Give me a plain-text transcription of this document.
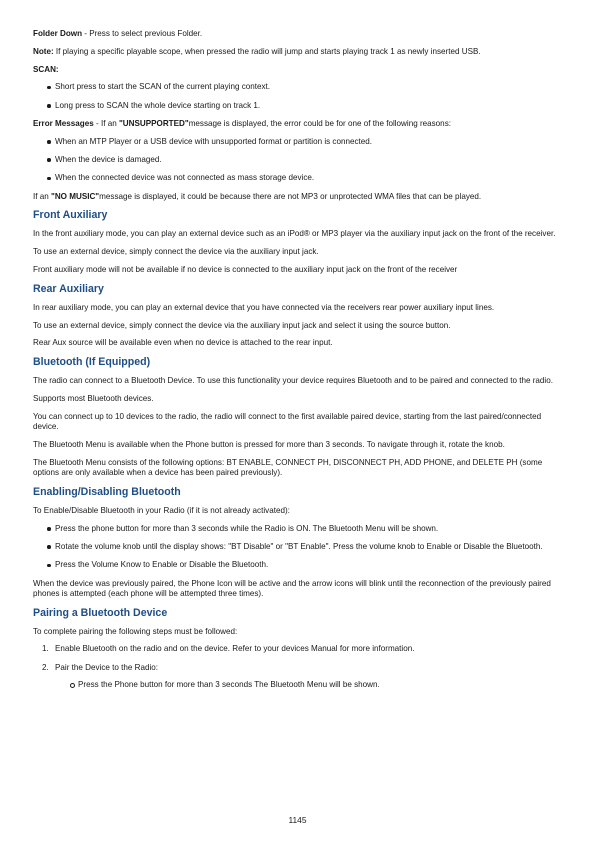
Folder Down - Press to select previous Folder.

Note: If playing a specific playable scope, when pressed the radio will jump and starts playing track 1 as newly inserted USB.

SCAN:

Short press to start the SCAN of the current playing context.
Long press to SCAN the whole device starting on track 1.

Error Messages - If an "UNSUPPORTED"message is displayed, the error could be for one of the following reasons:

When an MTP Player or a USB device with unsupported format or partition is connected.
When the device is damaged.
When the connected device was not connected as mass storage device.

If an "NO MUSIC"message is displayed, it could be because there are not MP3 or unprotected WMA files that can be played.

Front Auxiliary

In the front auxiliary mode, you can play an external device such as an iPod® or MP3 player via the auxiliary input jack on the front of the receiver.

To use an external device, simply connect the device via the auxiliary input jack.

Front auxiliary mode will not be available if no device is connected to the auxiliary input jack on the front of the receiver

Rear Auxiliary

In rear auxiliary mode, you can play an external device that you have connected via the receivers rear power auxiliary input lines.

To use an external device, simply connect the device via the auxiliary input jack and select it using the source button.

Rear Aux source will be available even when no device is attached to the rear input.

Bluetooth (If Equipped)

The radio can connect to a Bluetooth Device. To use this functionality your device requires Bluetooth and to be paired and connected to the radio.

Supports most Bluetooth devices.

You can connect up to 10 devices to the radio, the radio will connect to the first available paired device, starting from the last paired/connected device.

The Bluetooth Menu is available when the Phone button is pressed for more than 3 seconds. To navigate through it, rotate the knob.

The Bluetooth Menu consists of the following options: BT ENABLE, CONNECT PH, DISCONNECT PH, ADD PHONE, and DELETE PH (some options are only available when a device has been paired previously).

Enabling/Disabling Bluetooth

To Enable/Disable Bluetooth in your Radio (if it is not already activated):

Press the phone button for more than 3 seconds while the Radio is ON. The Bluetooth Menu will be shown.
Rotate the volume knob until the display shows: "BT Disable" or "BT Enable". Press the volume knob to Enable or Disable the Bluetooth.
Press the Volume Know to Enable or Disable the Bluetooth.

When the device was previously paired, the Phone Icon will be active and the arrow icons will blink until the reconnection of the previously paired phones is attempted (each phone will be attempted three times).

Pairing a Bluetooth Device

To complete pairing the following steps must be followed:

1. Enable Bluetooth on the radio and on the device. Refer to your devices Manual for more information.
2. Pair the Device to the Radio:
Press the Phone button for more than 3 seconds The Bluetooth Menu will be shown.
1145
